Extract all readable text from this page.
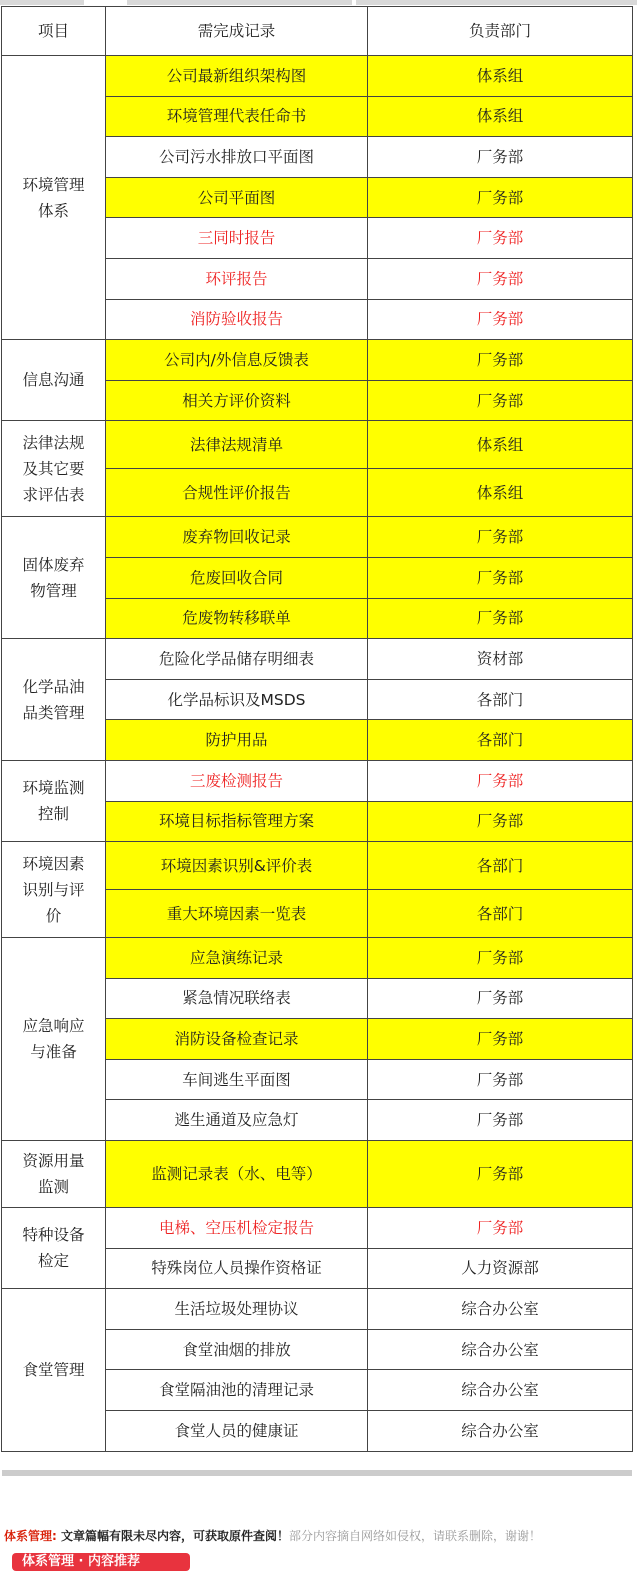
项目	需完成记录	负责部门

环境管理
体系	公司最新组织架构图	体系组
	环境管理代表任命书	体系组
	公司污水排放口平面图	厂务部
	公司平面图	厂务部
	三同时报告	厂务部
	环评报告	厂务部
	消防验收报告	厂务部

信息沟通	公司内/外信息反馈表	厂务部
	相关方评价资料	厂务部

法律法规
及其它要
求评估表	法律法规清单	体系组
	合规性评价报告	体系组

固体废弃
物管理	废弃物回收记录	厂务部
	危废回收合同	厂务部
	危废物转移联单	厂务部

化学品油
品类管理	危险化学品储存明细表	资材部
	化学品标识及MSDS	各部门
	防护用品	各部门

环境监测
控制	三废检测报告	厂务部
	环境目标指标管理方案	厂务部

环境因素
识别与评
价	环境因素识别&评价表	各部门
	重大环境因素一览表	各部门

应急响应
与准备	应急演练记录	厂务部
	紧急情况联络表	厂务部
	消防设备检查记录	厂务部
	车间逃生平面图	厂务部
	逃生通道及应急灯	厂务部

资源用量
监测	监测记录表（水、电等）	厂务部

特种设备
检定	电梯、空压机检定报告	厂务部
	特殊岗位人员操作资格证	人力资源部

食堂管理	生活垃圾处理协议	综合办公室
	食堂油烟的排放	综合办公室
	食堂隔油池的清理记录	综合办公室
	食堂人员的健康证	综合办公室
体系管理: 文章篇幅有限未尽内容，可获取原件查阅！部分内容摘自网络如侵权，请联系删除，谢谢！
体系管理 · 内容推荐
